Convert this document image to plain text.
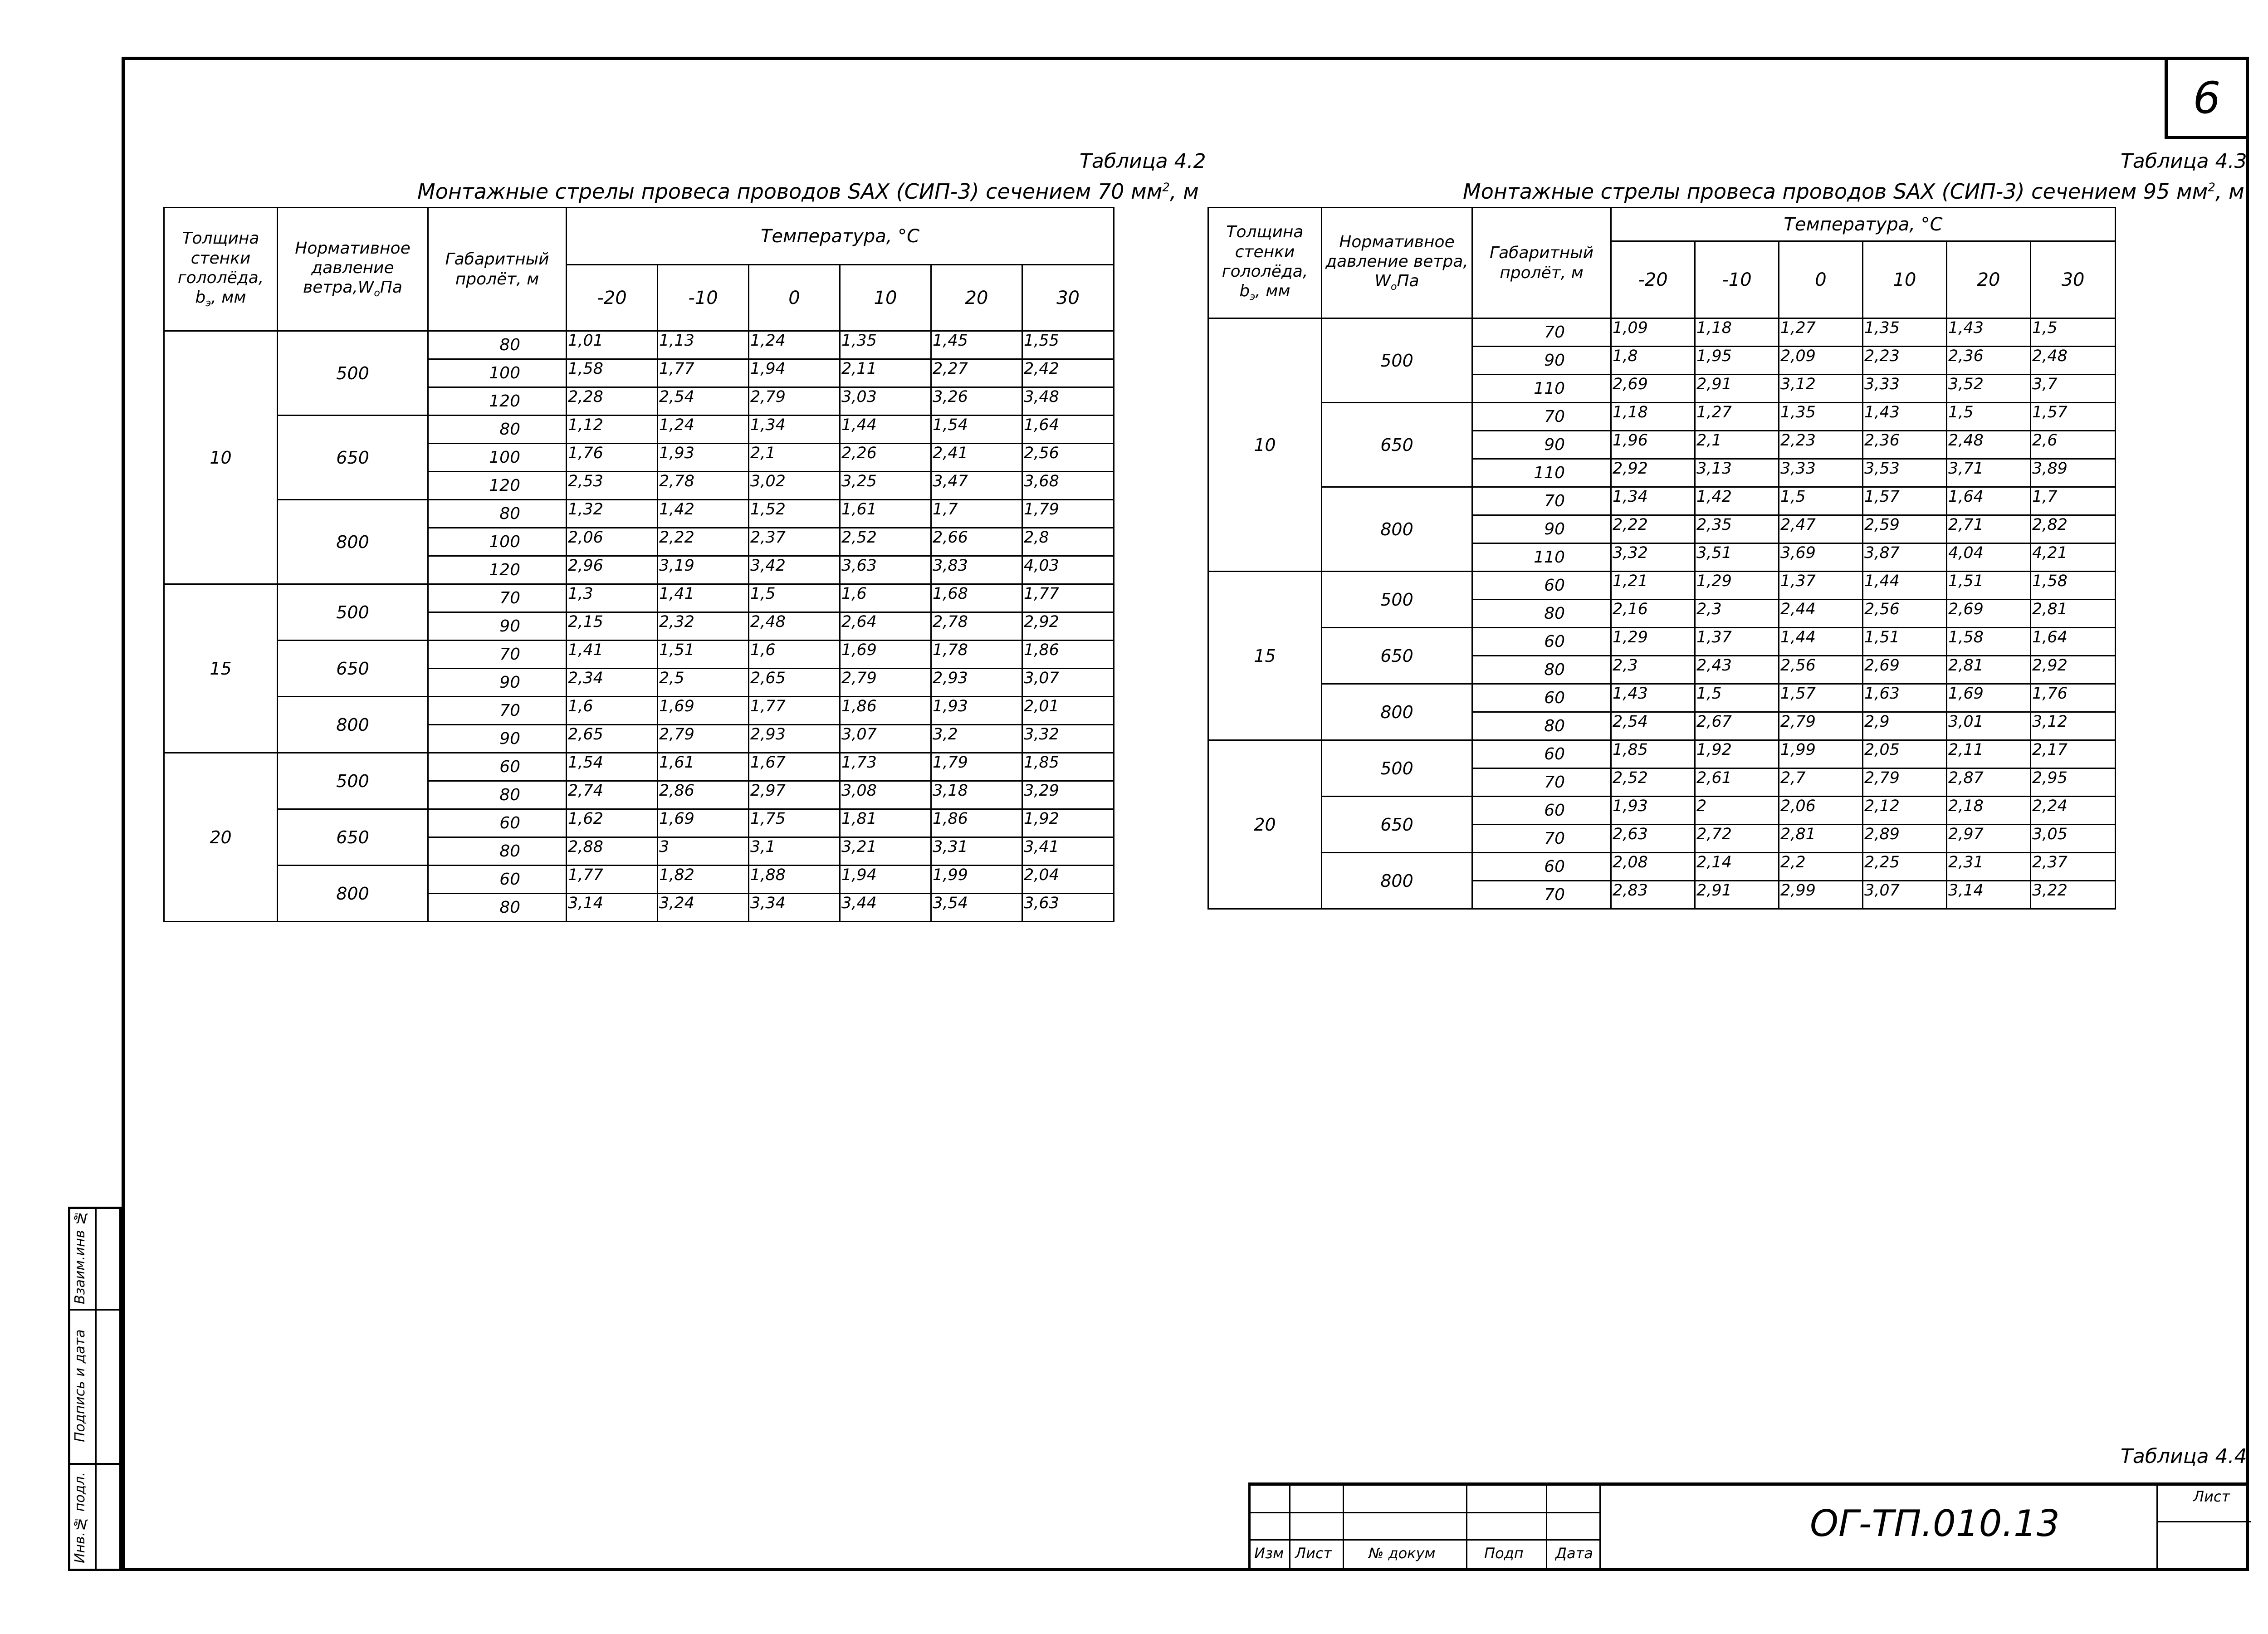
6
Таблица 4.2
Монтажные стрелы провеса проводов SAX (СИП-3) сечением 70 $мм^2$, м
Толщина стенки гололёда, $b_э$, мм	Нормативное давление $ветра,W_оПа$	Габаритный пролёт, м	Температура, °С					
			-20	-10	0	10	20	30
10	500	80	1,01	1,13	1,24	1,35	1,45	1,55
		100	1,58	1,77	1,94	2,11	2,27	2,42
		120	2,28	2,54	2,79	3,03	3,26	3,48
	650	80	1,12	1,24	1,34	1,44	1,54	1,64
		100	1,76	1,93	2,1	2,26	2,41	2,56
		120	2,53	2,78	3,02	3,25	3,47	3,68
	800	80	1,32	1,42	1,52	1,61	1,7	1,79
		100	2,06	2,22	2,37	2,52	2,66	2,8
		120	2,96	3,19	3,42	3,63	3,83	4,03
15	500	70	1,3	1,41	1,5	1,6	1,68	1,77
		90	2,15	2,32	2,48	2,64	2,78	2,92
	650	70	1,41	1,51	1,6	1,69	1,78	1,86
		90	2,34	2,5	2,65	2,79	2,93	3,07
	800	70	1,6	1,69	1,77	1,86	1,93	2,01
		90	2,65	2,79	2,93	3,07	3,2	3,32
20	500	60	1,54	1,61	1,67	1,73	1,79	1,85
		80	2,74	2,86	2,97	3,08	3,18	3,29
	650	60	1,62	1,69	1,75	1,81	1,86	1,92
		80	2,88	3	3,1	3,21	3,31	3,41
	800	60	1,77	1,82	1,88	1,94	1,99	2,04
		80	3,14	3,24	3,34	3,44	3,54	3,63
Таблица 4.3
Монтажные стрелы провеса проводов SAX (СИП-3) сечением 95 $мм^2$, м
Толщина стенки гололёда, $b_э$, мм	Нормативное давление ветра,
$W_оПа$	Габаритный пролёт, м	Температура, °С					
			-20	-10	0	10	20	30
10	500	70	1,09	1,18	1,27	1,35	1,43	1,5
		90	1,8	1,95	2,09	2,23	2,36	2,48
		110	2,69	2,91	3,12	3,33	3,52	3,7
	650	70	1,18	1,27	1,35	1,43	1,5	1,57
		90	1,96	2,1	2,23	2,36	2,48	2,6
		110	2,92	3,13	3,33	3,53	3,71	3,89
	800	70	1,34	1,42	1,5	1,57	1,64	1,7
		90	2,22	2,35	2,47	2,59	2,71	2,82
		110	3,32	3,51	3,69	3,87	4,04	4,21
15	500	60	1,21	1,29	1,37	1,44	1,51	1,58
		80	2,16	2,3	2,44	2,56	2,69	2,81
	650	60	1,29	1,37	1,44	1,51	1,58	1,64
		80	2,3	2,43	2,56	2,69	2,81	2,92
	800	60	1,43	1,5	1,57	1,63	1,69	1,76
		80	2,54	2,67	2,79	2,9	3,01	3,12
20	500	60	1,85	1,92	1,99	2,05	2,11	2,17
		70	2,52	2,61	2,7	2,79	2,87	2,95
	650	60	1,93	2	2,06	2,12	2,18	2,24
		70	2,63	2,72	2,81	2,89	2,97	3,05
	800	60	2,08	2,14	2,2	2,25	2,31	2,37
		70	2,83	2,91	2,99	3,07	3,14	3,22
Таблица 4.4
Взаим.инв №
Подпись и дата
Инв.№ подл.	Изм Лист	№ докум	Подп Дата
ОГ-ТП.010.13
Лист
